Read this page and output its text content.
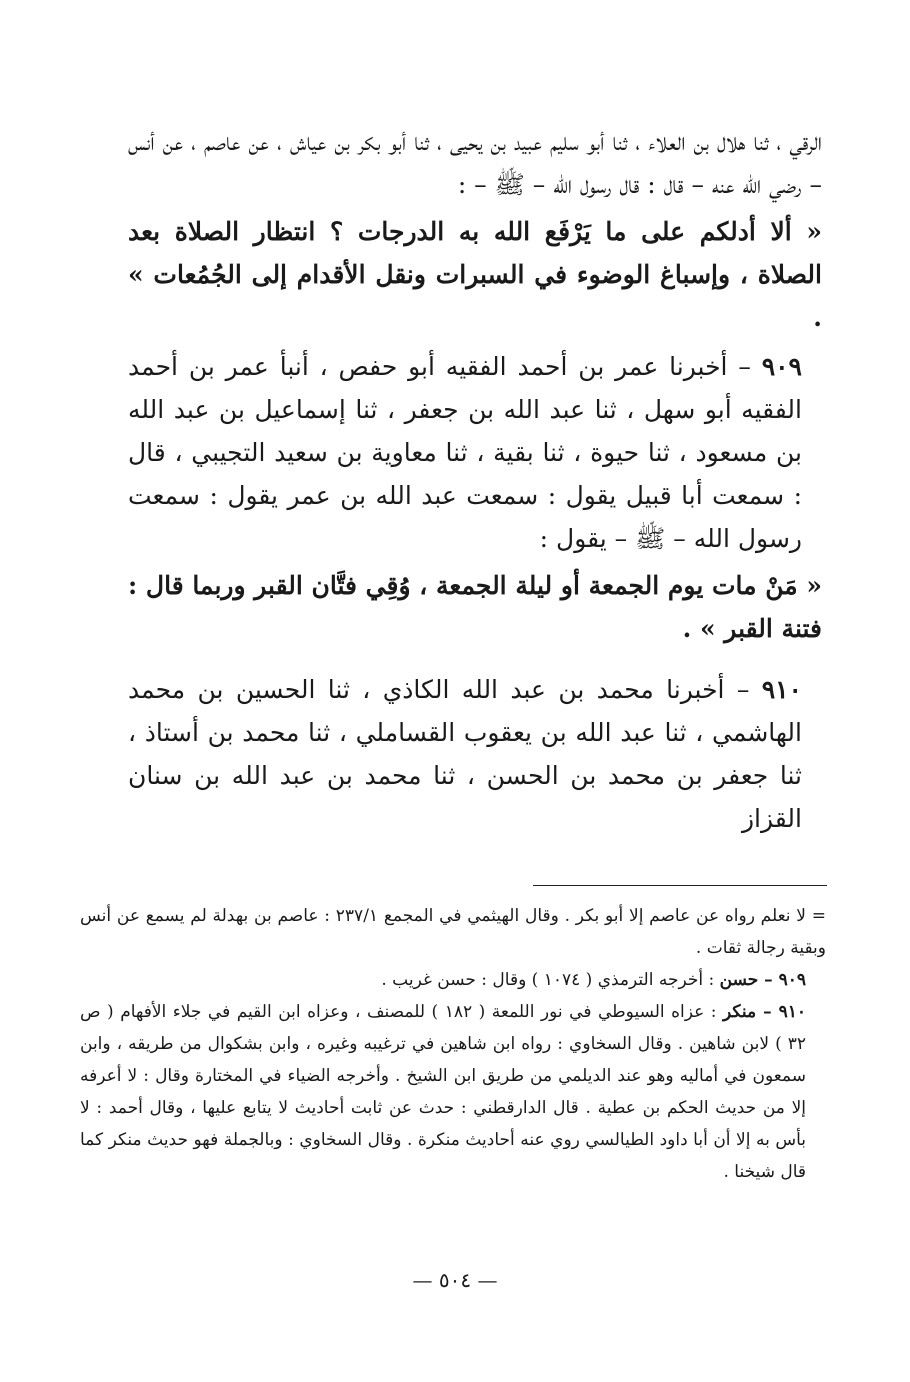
الرقي ، ثنا هلال بن العلاء ، ثنا أبو سليم عبيد بن يحيى ، ثنا أبو بكر بن عياش ، عن عاصم ، عن أنس – رضي الله عنه – قال : قال رسول الله – ﷺ – :

« ألا أدلكم على ما يَرْفَع الله به الدرجات ؟ انتظار الصلاة بعد الصلاة ، وإسباغ الوضوء في السبرات ونقل الأقدام إلى الجُمُعات » .

٩٠٩ – أخبرنا عمر بن أحمد الفقيه أبو حفص ، أنبأ عمر بن أحمد الفقيه أبو سهل ، ثنا عبد الله بن جعفر ، ثنا إسماعيل بن عبد الله بن مسعود ، ثنا حيوة ، ثنا بقية ، ثنا معاوية بن سعيد التجيبي ، قال : سمعت أبا قبيل يقول : سمعت عبد الله بن عمر يقول : سمعت رسول الله – ﷺ – يقول :

« مَنْ مات يوم الجمعة أو ليلة الجمعة ، وُقِي فتَّان القبر وربما قال : فتنة القبر » .

٩١٠ – أخبرنا محمد بن عبد الله الكاذي ، ثنا الحسين بن محمد الهاشمي ، ثنا عبد الله بن يعقوب القساملي ، ثنا محمد بن أستاذ ، ثنا جعفر بن محمد بن الحسن ، ثنا محمد بن عبد الله بن سنان القزاز

= لا نعلم رواه عن عاصم إلا أبو بكر . وقال الهيثمي في المجمع ٢٣٧/١ : عاصم بن بهدلة لم يسمع عن أنس وبقية رجالة ثقات .

٩٠٩ – حسن : أخرجه الترمذي ( ١٠٧٤ ) وقال : حسن غريب .

٩١٠ – منكر : عزاه السيوطي في نور اللمعة ( ١٨٢ ) للمصنف ، وعزاه ابن القيم في جلاء الأفهام ( ص ٣٢ ) لابن شاهين . وقال السخاوي : رواه ابن شاهين في ترغيبه وغيره ، وابن بشكوال من طريقه ، وابن سمعون في أماليه وهو عند الديلمي من طريق ابن الشيخ . وأخرجه الضياء في المختارة وقال : لا أعرفه إلا من حديث الحكم بن عطية . قال الدارقطني : حدث عن ثابت أحاديث لا يتابع عليها ، وقال أحمد : لا بأس به إلا أن أبا داود الطيالسي روي عنه أحاديث منكرة . وقال السخاوي : وبالجملة فهو حديث منكر كما قال شيخنا .

— ٥٠٤ —
